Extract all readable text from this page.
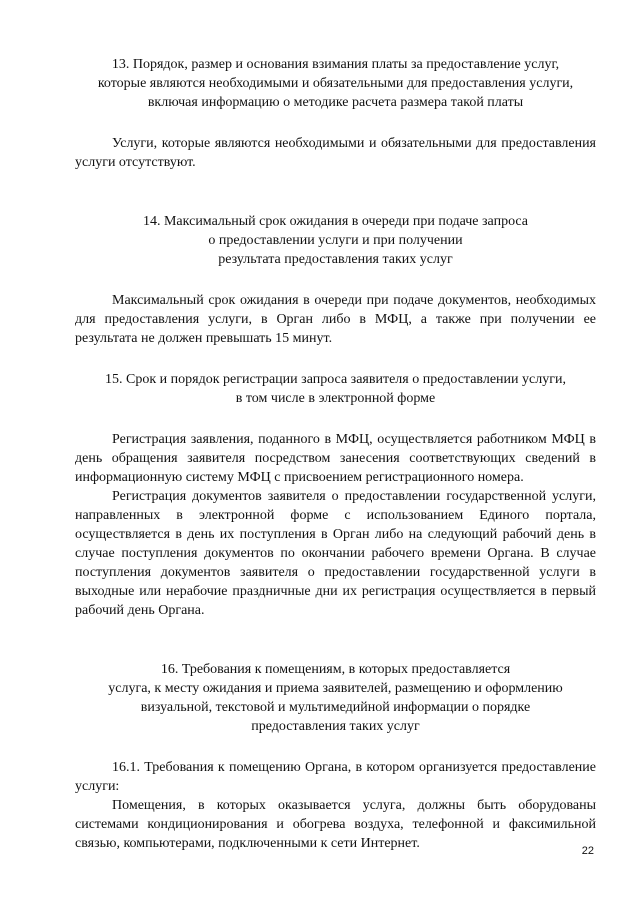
13. Порядок, размер и основания взимания платы за предоставление услуг,
которые являются необходимыми и обязательными для предоставления услуги,
включая информацию о методике расчета размера такой платы

Услуги, которые являются необходимыми и обязательными для предоставления услуги отсутствуют.

14. Максимальный срок ожидания в очереди при подаче запроса
о предоставлении услуги и при получении
результата предоставления таких услуг

Максимальный срок ожидания в очереди при подаче документов, необходимых для предоставления услуги, в Орган либо в МФЦ, а также при получении ее результата не должен превышать 15 минут.

15. Срок и порядок регистрации запроса заявителя о предоставлении услуги,
в том числе в электронной форме

Регистрация заявления, поданного в МФЦ, осуществляется работником МФЦ в день обращения заявителя посредством занесения соответствующих сведений в информационную систему МФЦ с присвоением регистрационного номера.

Регистрация документов заявителя о предоставлении государственной услуги, направленных в электронной форме с использованием Единого портала, осуществляется в день их поступления в Орган либо на следующий рабочий день в случае поступления документов по окончании рабочего времени Органа. В случае поступления документов заявителя о предоставлении государственной услуги в выходные или нерабочие праздничные дни их регистрация осуществляется в первый рабочий день Органа.

16. Требования к помещениям, в которых предоставляется
услуга, к месту ожидания и приема заявителей, размещению и оформлению
визуальной, текстовой и мультимедийной информации о порядке
предоставления таких услуг

16.1. Требования к помещению Органа, в котором организуется предоставление услуги:

Помещения, в которых оказывается услуга, должны быть оборудованы системами кондиционирования и обогрева воздуха, телефонной и факсимильной связью, компьютерами, подключенными к сети Интернет.	22
